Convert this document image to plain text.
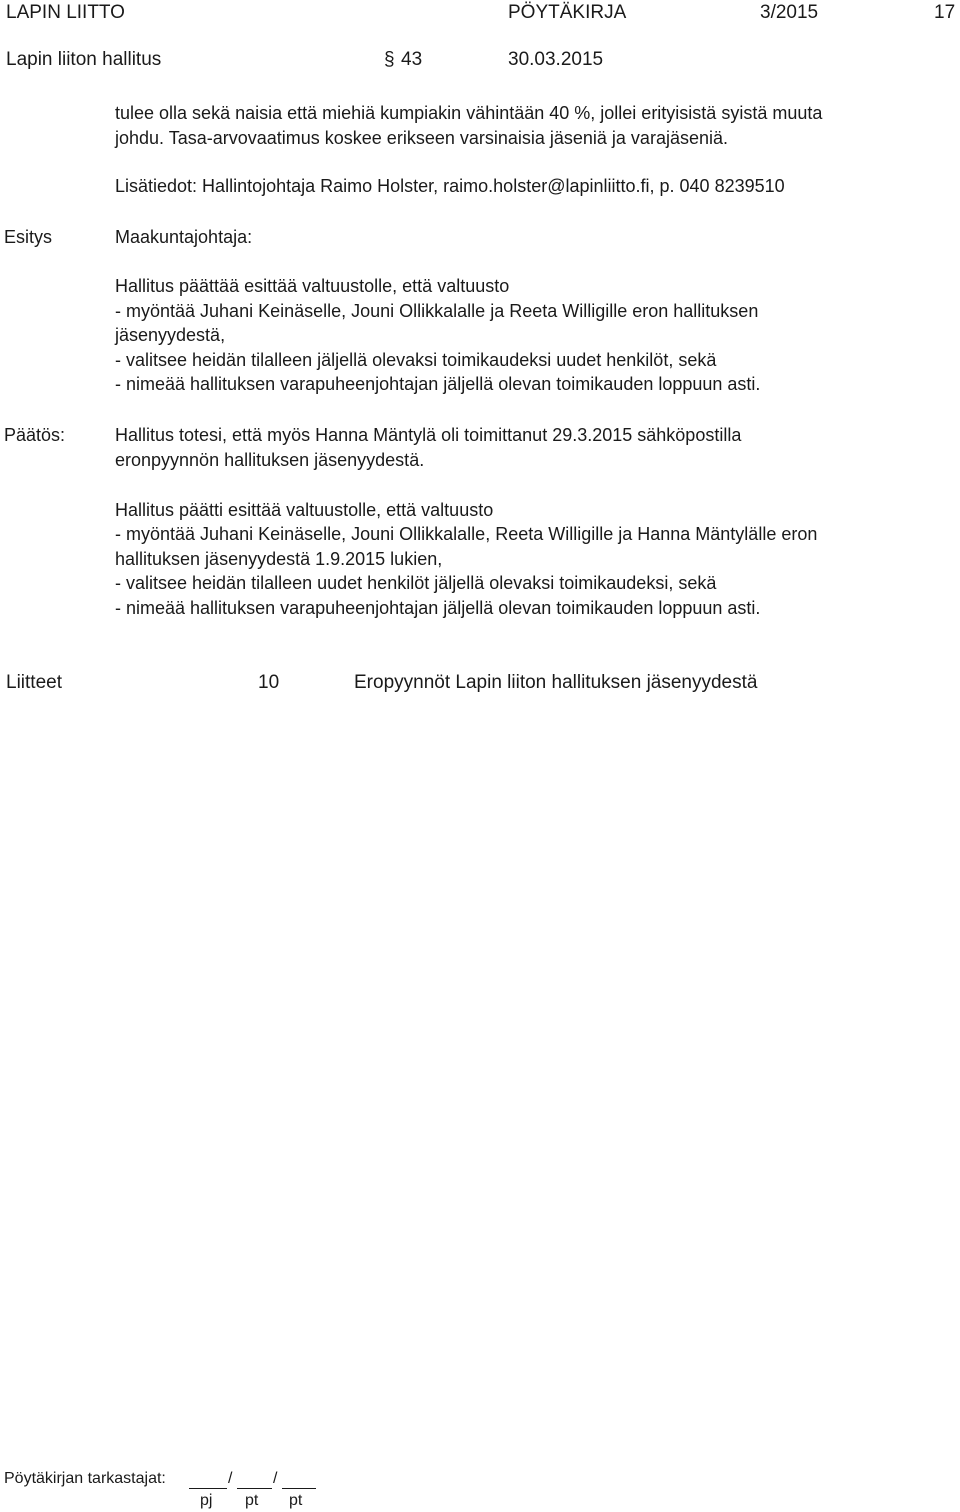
LAPIN LIITTO	PÖYTÄKIRJA	3/2015	17
Lapin liiton hallitus	§ 43	30.03.2015
tulee olla sekä naisia että miehiä kumpiakin vähintään 40 %, jollei erityisistä syistä muuta
johdu. Tasa-arvovaatimus koskee erikseen varsinaisia jäseniä ja varajäseniä.
Lisätiedot: Hallintojohtaja Raimo Holster, raimo.holster@lapinliitto.fi, p. 040 8239510
Esitys	Maakuntajohtaja:
Hallitus päättää esittää valtuustolle, että valtuusto
- myöntää Juhani Keinäselle, Jouni Ollikkalalle ja Reeta Willigille eron hallituksen
jäsenyydestä,
- valitsee heidän tilalleen jäljellä olevaksi toimikaudeksi uudet henkilöt, sekä
- nimeää hallituksen varapuheenjohtajan jäljellä olevan toimikauden loppuun asti.
Päätös:	Hallitus totesi, että myös Hanna Mäntylä oli toimittanut 29.3.2015 sähköpostilla
eronpyynnön hallituksen jäsenyydestä.
Hallitus päätti esittää valtuustolle, että valtuusto
- myöntää Juhani Keinäselle, Jouni Ollikkalalle, Reeta Willigille ja Hanna Mäntylälle eron
hallituksen jäsenyydestä 1.9.2015 lukien,
- valitsee heidän tilalleen uudet henkilöt jäljellä olevaksi toimikaudeksi, sekä
- nimeää hallituksen varapuheenjohtajan jäljellä olevan toimikauden loppuun asti.
Liitteet	10	Eropyynnöt Lapin liiton hallituksen jäsenyydestä
Pöytäkirjan tarkastajat:	/	/
pj pt pt
